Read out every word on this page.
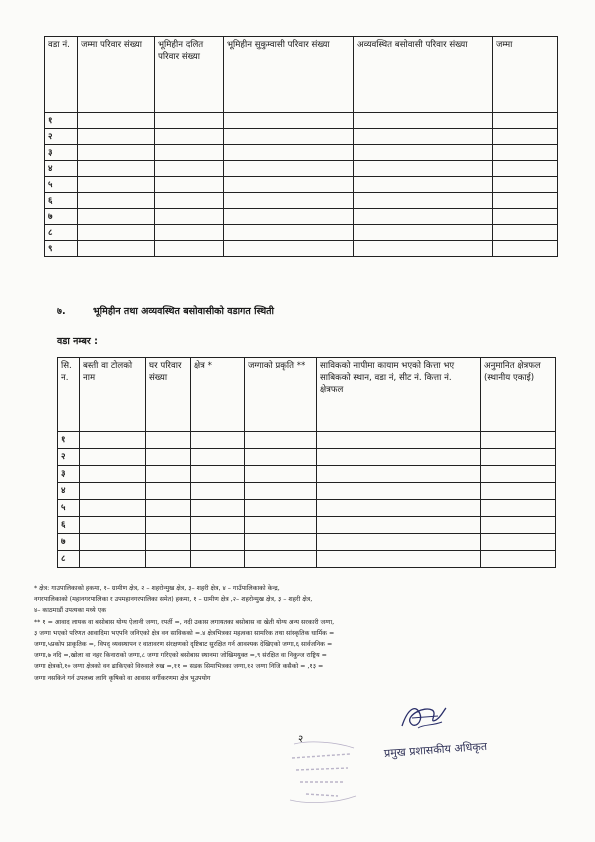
वडा नं.	जम्मा परिवार संख्या	भूमिहीन दलित परिवार संख्या	भूमिहीन सुकुम्वासी परिवार संख्या	अव्यवस्थित बसोवासी परिवार संख्या	जम्मा
१					
२					
३					
४					
५					
६					
७					
८					
९					
७.	भूमिहीन तथा अव्यवस्थित बसोवासीको वडागत स्थिती
वडा नम्बर :
सि. न.	बस्ती वा टोलको नाम	घर परिवार संख्या	क्षेत्र *	जग्गाको प्रकृति **	साविकको नापीमा कायाम भएको कित्ता भए साबिकको स्थान, वडा नं, सीट नं. कित्ता नं. क्षेत्रफल	अनुमानित क्षेत्रफल (स्थानीय एकाई)
१						
२						
३						
४						
५						
६						
७						
८						

* क्षेत्र: गाउपालिकाको हकमा, १– ग्रामीण क्षेत्र, २ – शहरोन्मुख क्षेत्र, ३– शहरी क्षेत्र, ४ – गाउँपालिकाको केन्द्र,

नगरपालिकाको (महानगरपालिका र उपमहानगरपालिका समेत) हकमा, १ – ग्रामीण क्षेत्र ,२– शहरोन्मुख क्षेत्र, ३ – शहरी क्षेत्र,

४– काठमाडौं उपत्यका मध्ये एक

** १ = आवाद लायक वा बसोबास योग्य ऐलानी जग्गा, रपर्ती =, नदी उकास लगायतका बसोबास वा खेती योग्य अन्य सरकारी जग्गा,

३ जग्गा भएको परिणत आवादिमा भएपनि जनिएको क्षेत्र वन साविकको =.४ क्षेत्रभित्रका महत्वका सामरिक तथा सांस्कृतिक धार्मिक =

जग्गा,५प्रकोप प्राकृतिक =, विपद् व्यवस्थापन र वातावरण संरक्षणको दृष्टिबाट सुरक्षित गर्न आवश्यक देखिएको जग्गा,६ सार्वजनिक =

जग्गा,७ नदि =,खोला वा नहर किनाराको जग्गा,८ जग्गा गरिएको बसोबास स्थानमा जोखिमयुक्त =,९ संरक्षित वा निकुन्ज राष्ट्रिय =

जग्गा क्षेत्रको,१० जग्गा क्षेत्रको वन ढाकिएको विरुवाले रुख =,११ = सडक सिमाभित्रका जग्गा,१२ जग्गा निजि कसैको = ,१३ =

जग्गा नसकिने गर्न उपलब्ध लागि कृषिको वा आवास वर्गीकरणमा क्षेत्र भूउपयोग

२
प्रमुख प्रशासकीय अधिकृत
